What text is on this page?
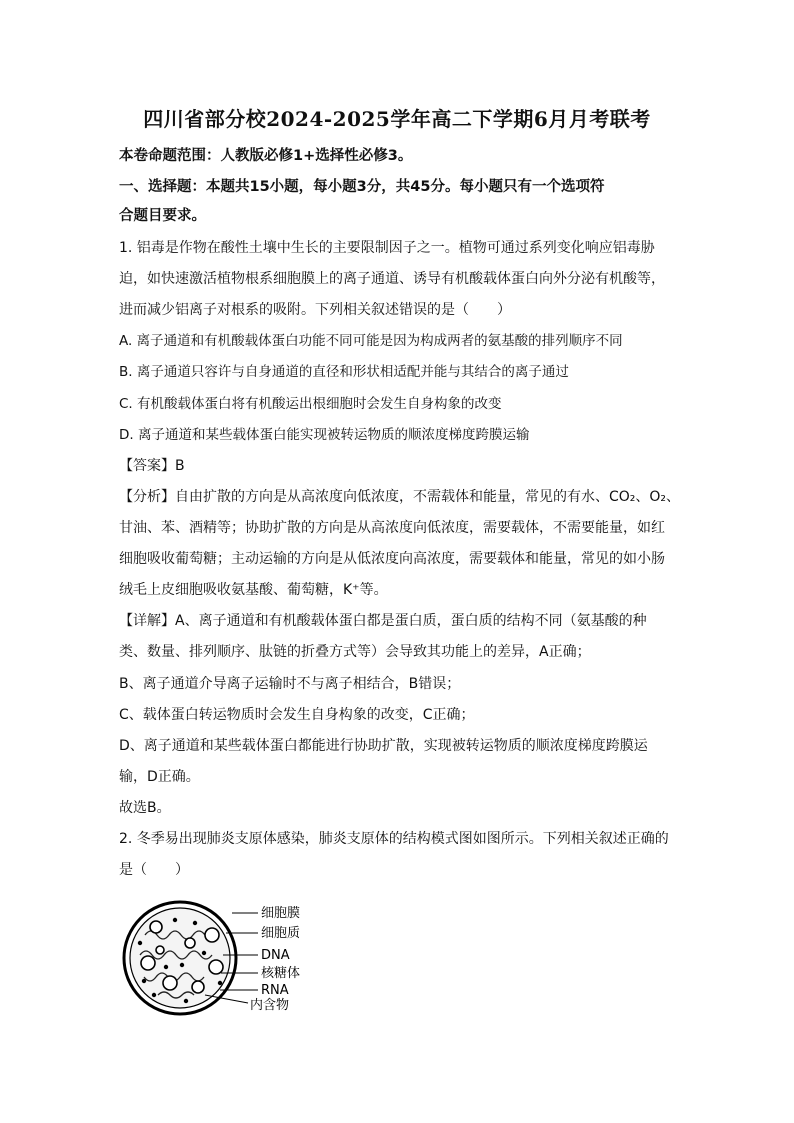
四川省部分校2024-2025学年高二下学期6月月考联考
本卷命题范围：人教版必修1+选择性必修3。
一、选择题：本题共15小题，每小题3分，共45分。每小题只有一个选项符
合题目要求。
1. 铝毒是作物在酸性土壤中生长的主要限制因子之一。植物可通过系列变化响应铝毒胁
迫，如快速激活植物根系细胞膜上的离子通道、诱导有机酸载体蛋白向外分泌有机酸等，
进而减少铝离子对根系的吸附。下列相关叙述错误的是（　　）
A. 离子通道和有机酸载体蛋白功能不同可能是因为构成两者的氨基酸的排列顺序不同
B. 离子通道只容许与自身通道的直径和形状相适配并能与其结合的离子通过
C. 有机酸载体蛋白将有机酸运出根细胞时会发生自身构象的改变
D. 离子通道和某些载体蛋白能实现被转运物质的顺浓度梯度跨膜运输
【答案】B
【分析】自由扩散的方向是从高浓度向低浓度，不需载体和能量，常见的有水、CO₂、O₂、
甘油、苯、酒精等；协助扩散的方向是从高浓度向低浓度，需要载体，不需要能量，如红
细胞吸收葡萄糖；主动运输的方向是从低浓度向高浓度，需要载体和能量，常见的如小肠
绒毛上皮细胞吸收氨基酸、葡萄糖，K⁺等。
【详解】A、离子通道和有机酸载体蛋白都是蛋白质，蛋白质的结构不同（氨基酸的种
类、数量、排列顺序、肽链的折叠方式等）会导致其功能上的差异，A正确；
B、离子通道介导离子运输时不与离子相结合，B错误；
C、载体蛋白转运物质时会发生自身构象的改变，C正确；
D、离子通道和某些载体蛋白都能进行协助扩散，实现被转运物质的顺浓度梯度跨膜运
输，D正确。
故选B。
2. 冬季易出现肺炎支原体感染，肺炎支原体的结构模式图如图所示。下列相关叙述正确的
是（　　）
细胞膜
细胞质
DNA
核糖体
RNA
内含物
